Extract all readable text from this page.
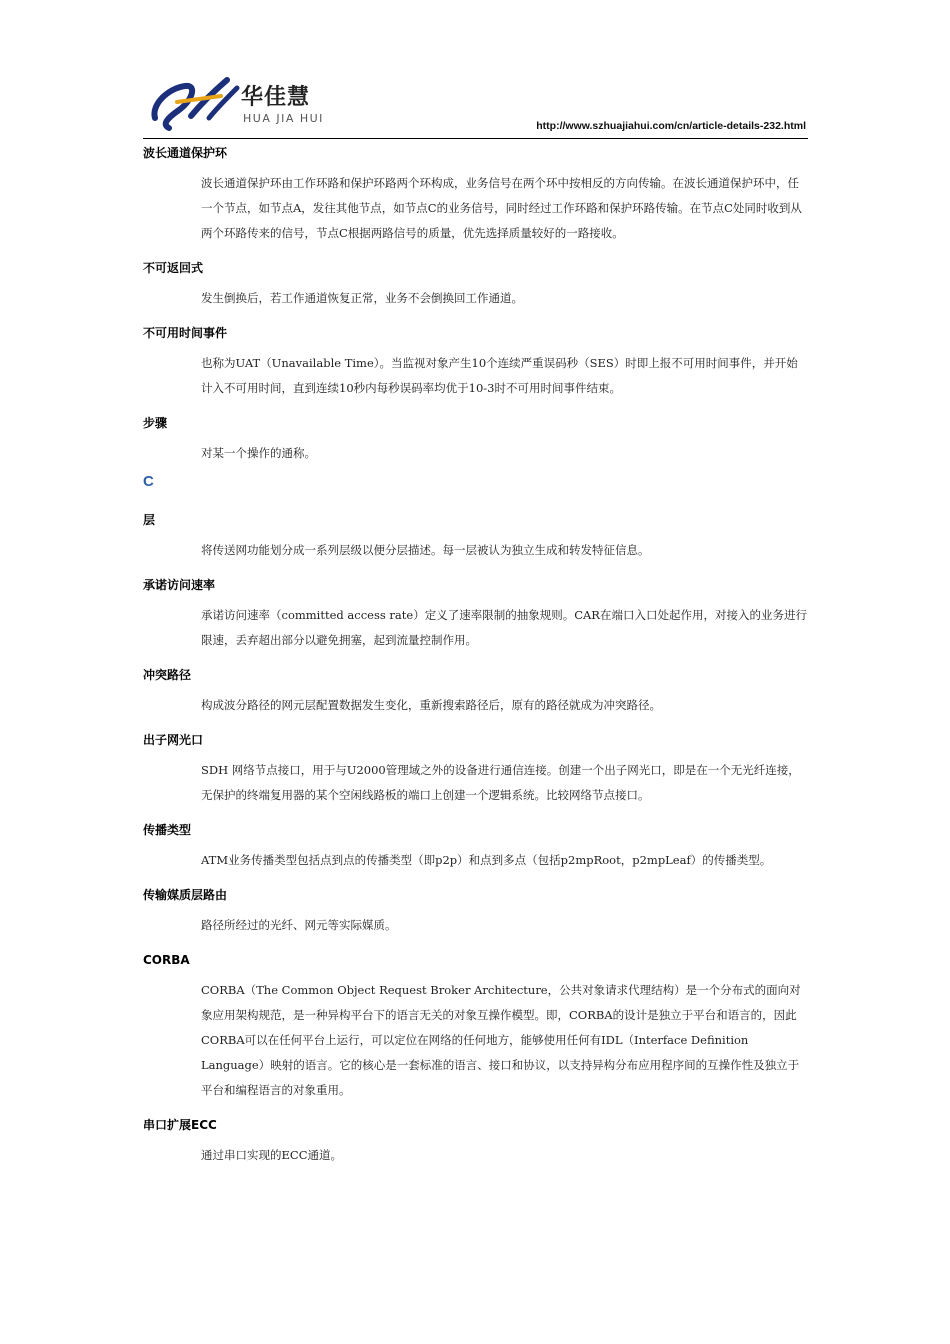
华佳慧
HUA JIA HUI
http://www.szhuajiahui.com/cn/article-details-232.html
波长通道保护环
波长通道保护环由工作环路和保护环路两个环构成，业务信号在两个环中按相反的方向传输。在波长通道保护环中，任一个节点，如节点A，发往其他节点，如节点C的业务信号，同时经过工作环路和保护环路传输。在节点C处同时收到从两个环路传来的信号，节点C根据两路信号的质量，优先选择质量较好的一路接收。
不可返回式
发生倒换后，若工作通道恢复正常，业务不会倒换回工作通道。
不可用时间事件
也称为UAT（Unavailable Time）。当监视对象产生10个连续严重误码秒（SES）时即上报不可用时间事件，并开始计入不可用时间，直到连续10秒内每秒误码率均优于10-3时不可用时间事件结束。
步骤
对某一个操作的通称。
C
层
将传送网功能划分成一系列层级以便分层描述。每一层被认为独立生成和转发特征信息。
承诺访问速率
承诺访问速率（committed access rate）定义了速率限制的抽象规则。CAR在端口入口处起作用，对接入的业务进行限速，丢弃超出部分以避免拥塞，起到流量控制作用。
冲突路径
构成波分路径的网元层配置数据发生变化，重新搜索路径后，原有的路径就成为冲突路径。
出子网光口
SDH 网络节点接口，用于与U2000管理域之外的设备进行通信连接。创建一个出子网光口，即是在一个无光纤连接，无保护的终端复用器的某个空闲线路板的端口上创建一个逻辑系统。比较网络节点接口。
传播类型
ATM业务传播类型包括点到点的传播类型（即p2p）和点到多点（包括p2mpRoot，p2mpLeaf）的传播类型。
传输媒质层路由
路径所经过的光纤、网元等实际媒质。
CORBA
CORBA（The Common Object Request Broker Architecture，公共对象请求代理结构）是一个分布式的面向对象应用架构规范，是一种异构平台下的语言无关的对象互操作模型。即，CORBA的设计是独立于平台和语言的，因此CORBA可以在任何平台上运行，可以定位在网络的任何地方，能够使用任何有IDL（Interface Definition Language）映射的语言。它的核心是一套标准的语言、接口和协议，以支持异构分布应用程序间的互操作性及独立于平台和编程语言的对象重用。
串口扩展ECC
通过串口实现的ECC通道。
